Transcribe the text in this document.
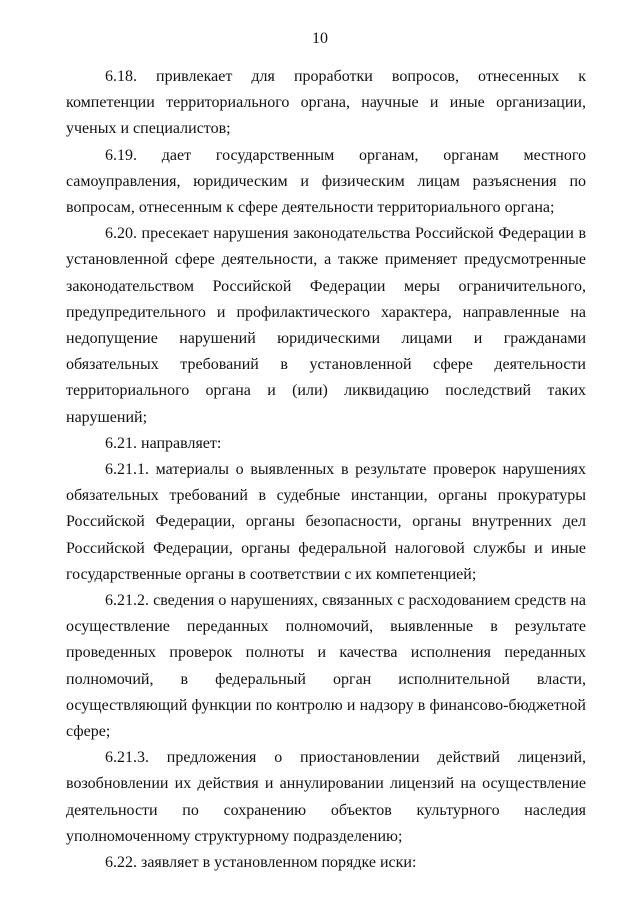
10

6.18. привлекает для проработки вопросов, отнесенных к компетенции территориального органа, научные и иные организации, ученых и специалистов;

6.19. дает государственным органам, органам местного самоуправления, юридическим и физическим лицам разъяснения по вопросам, отнесенным к сфере деятельности территориального органа;

6.20. пресекает нарушения законодательства Российской Федерации в установленной сфере деятельности, а также применяет предусмотренные законодательством Российской Федерации меры ограничительного, предупредительного и профилактического характера, направленные на недопущение нарушений юридическими лицами и гражданами обязательных требований в установленной сфере деятельности территориального органа и (или) ликвидацию последствий таких нарушений;

6.21. направляет:

6.21.1. материалы о выявленных в результате проверок нарушениях обязательных требований в судебные инстанции, органы прокуратуры Российской Федерации, органы безопасности, органы внутренних дел Российской Федерации, органы федеральной налоговой службы и иные государственные органы в соответствии с их компетенцией;

6.21.2. сведения о нарушениях, связанных с расходованием средств на осуществление переданных полномочий, выявленные в результате проведенных проверок полноты и качества исполнения переданных полномочий, в федеральный орган исполнительной власти, осуществляющий функции по контролю и надзору в финансово-бюджетной сфере;

6.21.3. предложения о приостановлении действий лицензий, возобновлении их действия и аннулировании лицензий на осуществление деятельности по сохранению объектов культурного наследия уполномоченному структурному подразделению;

6.22. заявляет в установленном порядке иски:
